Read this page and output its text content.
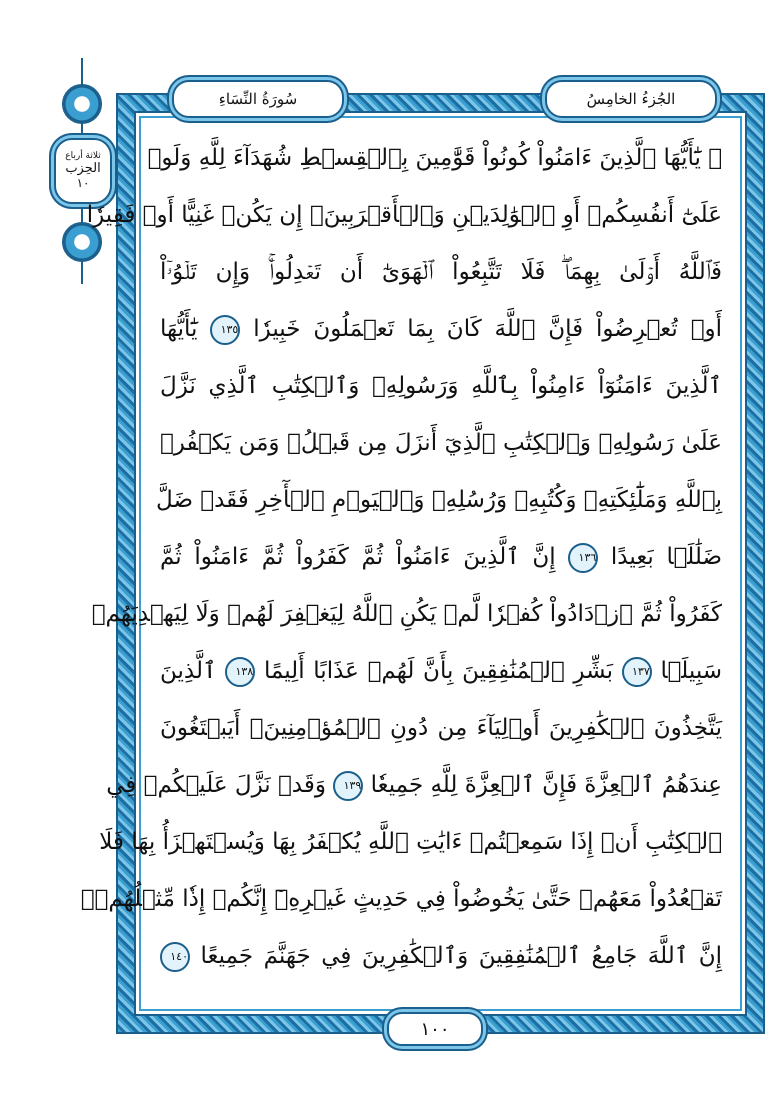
ثلاثة أرباع
الحِزب
١٠
سُورَةُ النِّسَاءِ	الجُزءُ الخامِسُ
۞ يَٰٓأَيُّهَا ٱلَّذِينَ ءَامَنُواْ كُونُواْ قَوَّٰمِينَ بِٱلۡقِسۡطِ شُهَدَآءَ لِلَّهِ وَلَوۡ
عَلَىٰٓ أَنفُسِكُمۡ أَوِ ٱلۡوَٰلِدَيۡنِ وَٱلۡأَقۡرَبِينَۚ إِن يَكُنۡ غَنِيًّا أَوۡ فَقِيرٗا
فَٱللَّهُ أَوۡلَىٰ بِهِمَاۖ فَلَا تَتَّبِعُواْ ٱلۡهَوَىٰٓ أَن تَعۡدِلُواْۚ وَإِن تَلۡوُۥٓاْ
أَوۡ تُعۡرِضُواْ فَإِنَّ ٱللَّهَ كَانَ بِمَا تَعۡمَلُونَ خَبِيرٗا ١٣٥ يَٰٓأَيُّهَا
ٱلَّذِينَ ءَامَنُوٓاْ ءَامِنُواْ بِٱللَّهِ وَرَسُولِهِۦ وَٱلۡكِتَٰبِ ٱلَّذِي نَزَّلَ
عَلَىٰ رَسُولِهِۦ وَٱلۡكِتَٰبِ ٱلَّذِيٓ أَنزَلَ مِن قَبۡلُۚ وَمَن يَكۡفُرۡ
بِٱللَّهِ وَمَلَٰٓئِكَتِهِۦ وَكُتُبِهِۦ وَرُسُلِهِۦ وَٱلۡيَوۡمِ ٱلۡأٓخِرِ فَقَدۡ ضَلَّ
ضَلَٰلَۢا بَعِيدًا ١٣٦ إِنَّ ٱلَّذِينَ ءَامَنُواْ ثُمَّ كَفَرُواْ ثُمَّ ءَامَنُواْ ثُمَّ
كَفَرُواْ ثُمَّ ٱزۡدَادُواْ كُفۡرٗا لَّمۡ يَكُنِ ٱللَّهُ لِيَغۡفِرَ لَهُمۡ وَلَا لِيَهۡدِيَهُمۡ
سَبِيلَۢا ١٣٧ بَشِّرِ ٱلۡمُنَٰفِقِينَ بِأَنَّ لَهُمۡ عَذَابًا أَلِيمًا ١٣٨ ٱلَّذِينَ
يَتَّخِذُونَ ٱلۡكَٰفِرِينَ أَوۡلِيَآءَ مِن دُونِ ٱلۡمُؤۡمِنِينَۚ أَيَبۡتَغُونَ
عِندَهُمُ ٱلۡعِزَّةَ فَإِنَّ ٱلۡعِزَّةَ لِلَّهِ جَمِيعٗا ١٣٩ وَقَدۡ نَزَّلَ عَلَيۡكُمۡ فِي
ٱلۡكِتَٰبِ أَنۡ إِذَا سَمِعۡتُمۡ ءَايَٰتِ ٱللَّهِ يُكۡفَرُ بِهَا وَيُسۡتَهۡزَأُ بِهَا فَلَا
تَقۡعُدُواْ مَعَهُمۡ حَتَّىٰ يَخُوضُواْ فِي حَدِيثٍ غَيۡرِهِۦٓ إِنَّكُمۡ إِذٗا مِّثۡلُهُمۡۗ
إِنَّ ٱللَّهَ جَامِعُ ٱلۡمُنَٰفِقِينَ وَٱلۡكَٰفِرِينَ فِي جَهَنَّمَ جَمِيعًا ١٤٠
١٠٠
